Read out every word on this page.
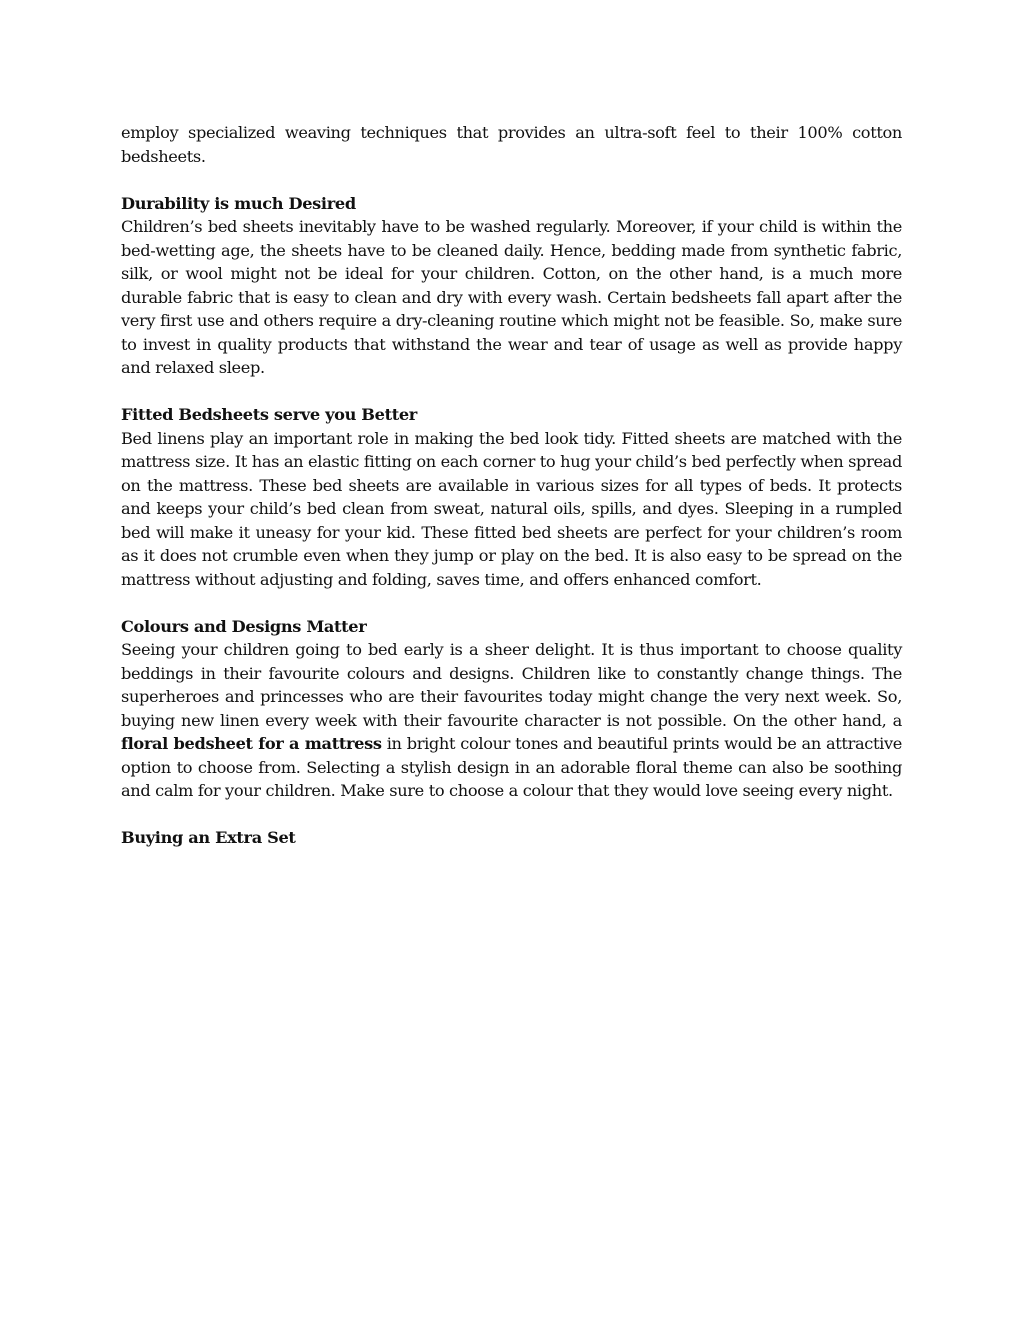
employ specialized weaving techniques that provides an ultra-soft feel to their 100% cotton bedsheets.

Durability is much Desired

Children’s bed sheets inevitably have to be washed regularly. Moreover, if your child is within the bed-wetting age, the sheets have to be cleaned daily. Hence, bedding made from synthetic fabric, silk, or wool might not be ideal for your children. Cotton, on the other hand, is a much more durable fabric that is easy to clean and dry with every wash. Certain bedsheets fall apart after the very first use and others require a dry-cleaning routine which might not be feasible. So, make sure to invest in quality products that withstand the wear and tear of usage as well as provide happy and relaxed sleep.

Fitted Bedsheets serve you Better

Bed linens play an important role in making the bed look tidy. Fitted sheets are matched with the mattress size. It has an elastic fitting on each corner to hug your child’s bed perfectly when spread on the mattress. These bed sheets are available in various sizes for all types of beds. It protects and keeps your child’s bed clean from sweat, natural oils, spills, and dyes. Sleeping in a rumpled bed will make it uneasy for your kid. These fitted bed sheets are perfect for your children’s room as it does not crumble even when they jump or play on the bed. It is also easy to be spread on the mattress without adjusting and folding, saves time, and offers enhanced comfort.

Colours and Designs Matter

Seeing your children going to bed early is a sheer delight. It is thus important to choose quality beddings in their favourite colours and designs. Children like to constantly change things. The superheroes and princesses who are their favourites today might change the very next week. So, buying new linen every week with their favourite character is not possible. On the other hand, a floral bedsheet for a mattress in bright colour tones and beautiful prints would be an attractive option to choose from. Selecting a stylish design in an adorable floral theme can also be soothing and calm for your children. Make sure to choose a colour that they would love seeing every night.

Buying an Extra Set
